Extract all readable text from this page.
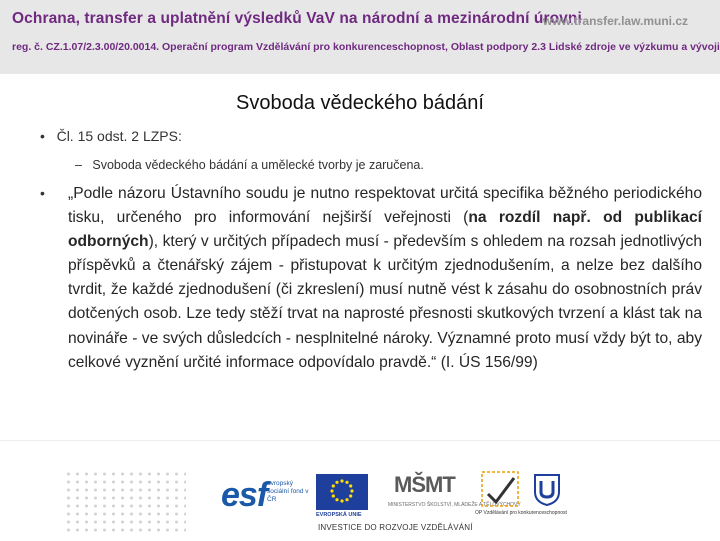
Ochrana, transfer a uplatnění výsledků VaV na národní a mezinárodní úrovni
www.transfer.law.muni.cz
reg. č. CZ.1.07/2.3.00/20.0014. Operační program Vzdělávání pro konkurenceschopnost, Oblast podpory 2.3 Lidské zdroje ve výzkumu a vývoji
Svoboda vědeckého bádání
• Čl. 15 odst. 2 LZPS:
– Svoboda vědeckého bádání a umělecké tvorby je zaručena.
• „Podle názoru Ústavního soudu je nutno respektovat určitá specifika běžného periodického tisku, určeného pro informování nejširší veřejnosti (na rozdíl např. od publikací odborných), který v určitých případech musí - především s ohledem na rozsah jednotlivých příspěvků a čtenářský zájem - přistupovat k určitým zjednodušením, a nelze bez dalšího tvrdit, že každé zjednodušení (či zkreslení) musí nutně vést k zásahu do osobnostních práv dotčených osob. Lze tedy stěží trvat na naprosté přesnosti skutkových tvrzení a klást tak na novináře - ve svých důsledcích - nesplnitelné nároky. Významné proto musí vždy být to, aby celkové vyznění určité informace odpovídalo pravdě.“ (I. ÚS 156/99)
esf evropský sociální fond v ČR
EVROPSKÁ UNIE
MŠMT
MINISTERSTVO ŠKOLSTVÍ, MLÁDEŽE A TĚLOVÝCHOVY
OP Vzdělávání pro konkurenceschopnost
INVESTICE DO ROZVOJE VZDĚLÁVÁNÍ
